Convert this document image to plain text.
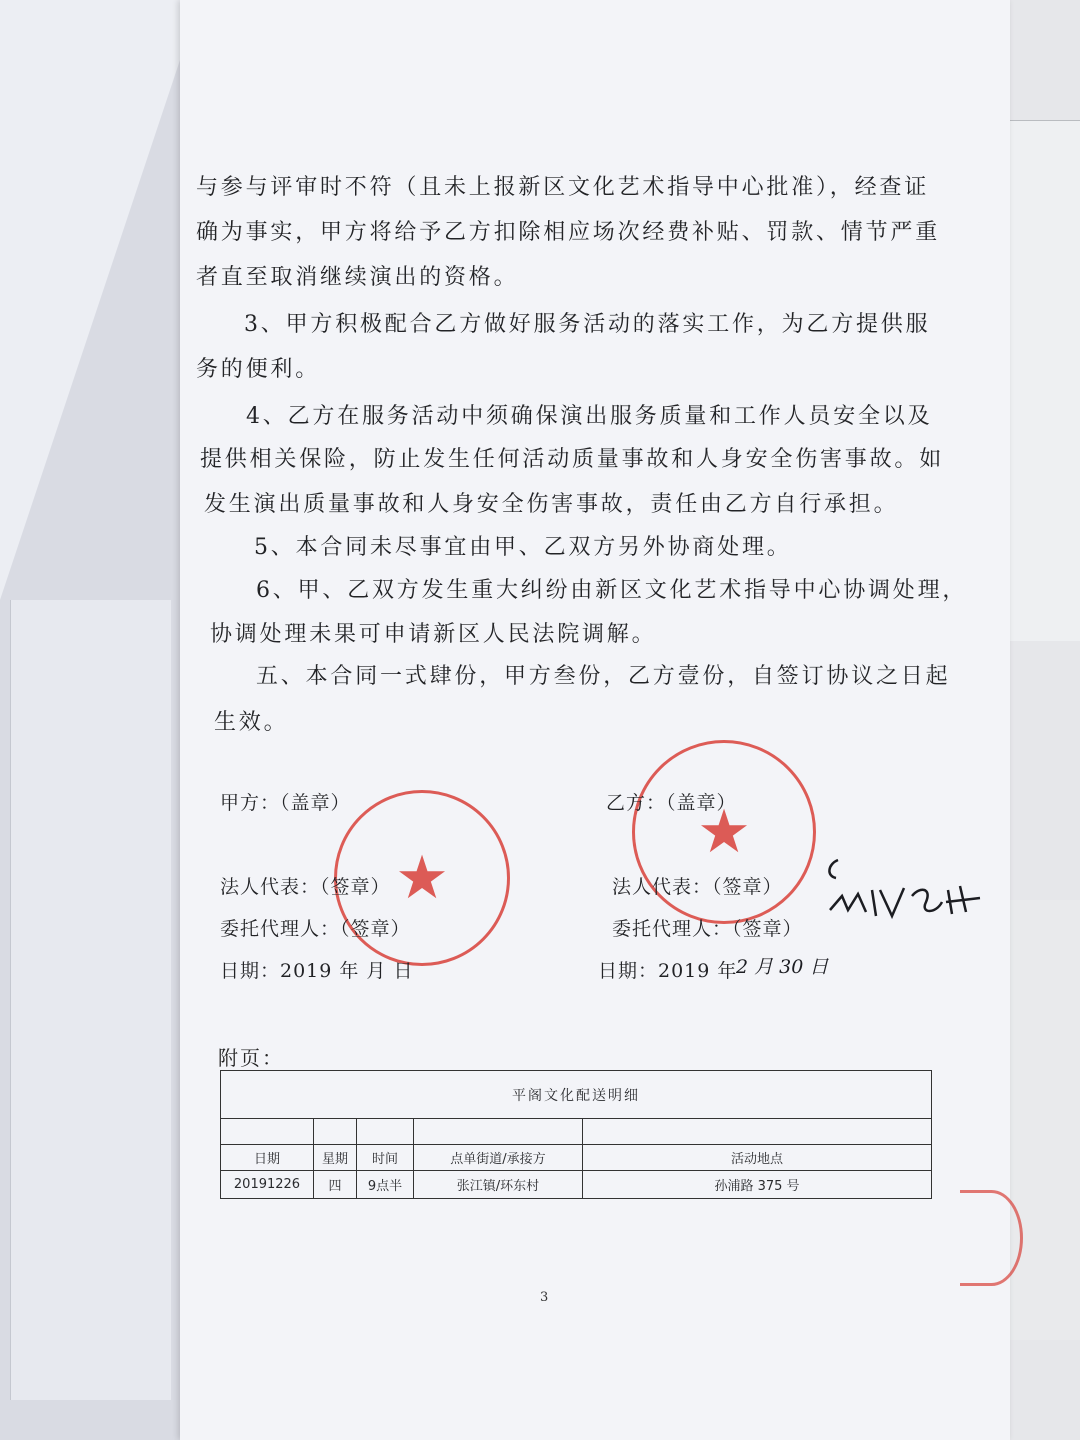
与参与评审时不符（且未上报新区文化艺术指导中心批准），经查证
确为事实，甲方将给予乙方扣除相应场次经费补贴、罚款、情节严重
者直至取消继续演出的资格。
3、甲方积极配合乙方做好服务活动的落实工作，为乙方提供服
务的便利。
4、乙方在服务活动中须确保演出服务质量和工作人员安全以及
提供相关保险，防止发生任何活动质量事故和人身安全伤害事故。如
发生演出质量事故和人身安全伤害事故，责任由乙方自行承担。
5、本合同未尽事宜由甲、乙双方另外协商处理。
6、甲、乙双方发生重大纠纷由新区文化艺术指导中心协调处理，
协调处理未果可申请新区人民法院调解。
五、本合同一式肆份，甲方叁份，乙方壹份，自签订协议之日起
生效。
★
★
甲方：（盖章）
法人代表：（签章）
委托代理人：（签章）
日期：2019 年 月 日
乙方：（盖章）
法人代表：（签章）
委托代理人：（签章）
日期：2019 年
2 月 30 日
附页：
平阁文化配送明细				

日期	星期	时间	点单街道/承接方	活动地点
20191226	四	9点半	张江镇/环东村	孙浦路 375 号
3
